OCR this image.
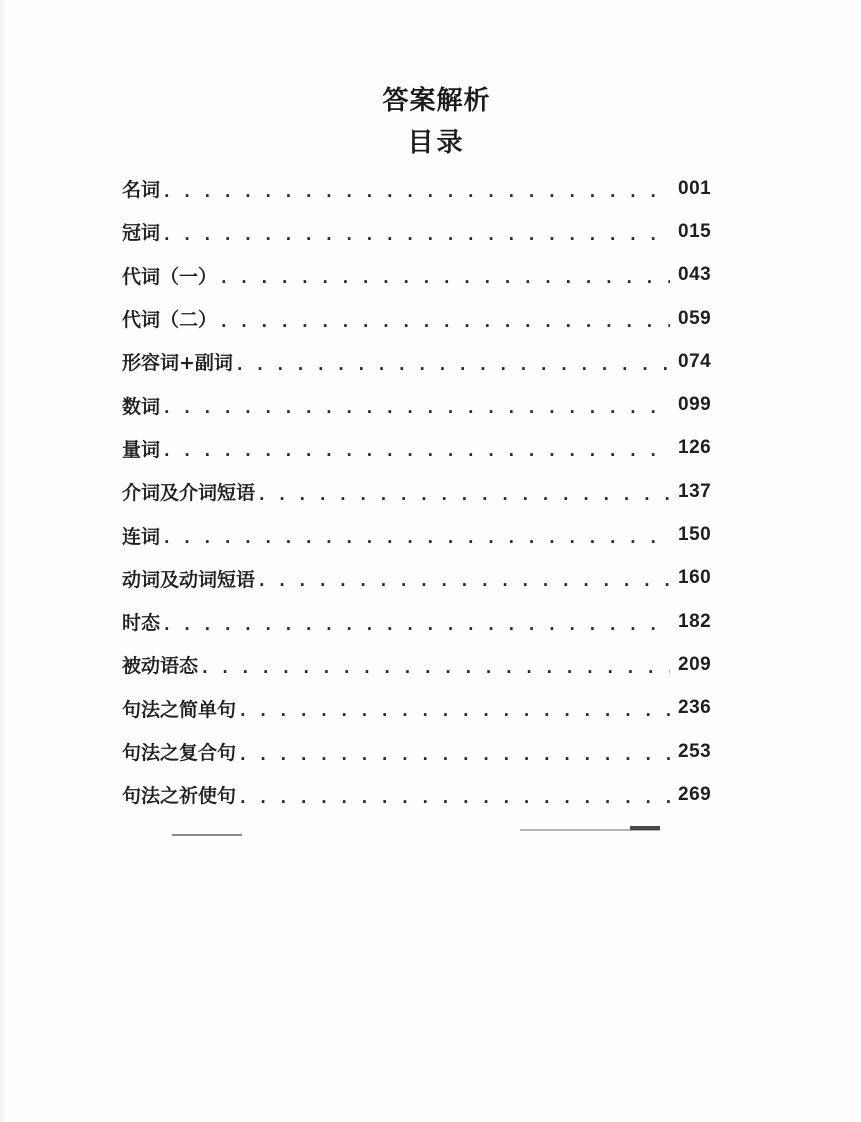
答案解析
目录
名词 . . .	001
冠词 . . .	015
代词（一） . . .	043
代词（二） . . .	059
形容词+副词 . . .	074
数词 . . .	099
量词 . . .	126
介词及介词短语 . . .	137
连词 . . .	150
动词及动词短语 . . .	160
时态 . . .	182
被动语态 . . .	209
句法之简单句 . . .	236
句法之复合句 . . .	253
句法之祈使句 . . .	269
